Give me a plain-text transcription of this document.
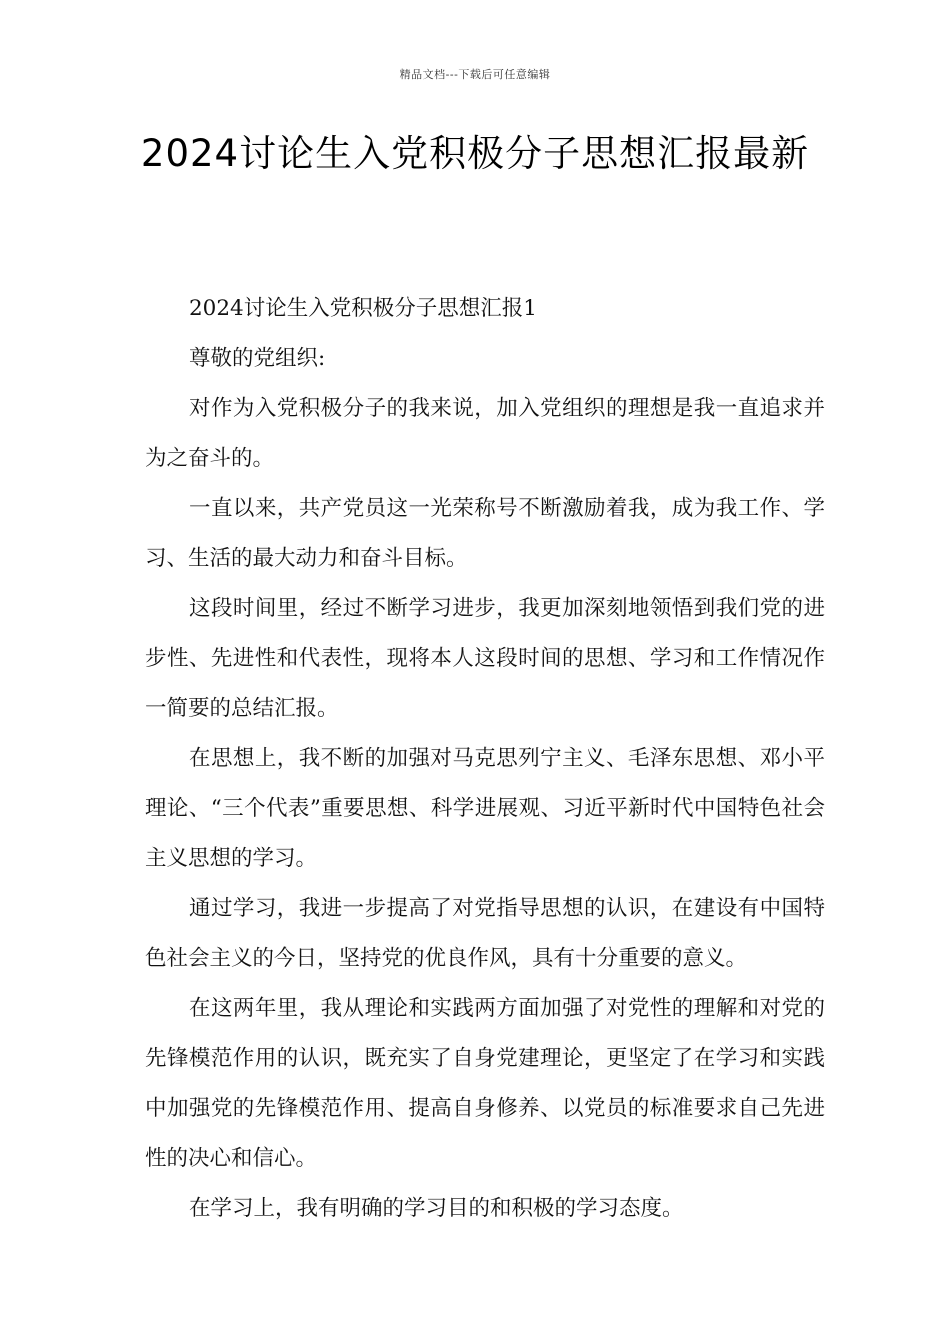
精品文档---下载后可任意编辑
2024讨论生入党积极分子思想汇报最新

2024讨论生入党积极分子思想汇报1

尊敬的党组织:

对作为入党积极分子的我来说，加入党组织的理想是我一直追求并为之奋斗的。

一直以来，共产党员这一光荣称号不断激励着我，成为我工作、学习、生活的最大动力和奋斗目标。

这段时间里，经过不断学习进步，我更加深刻地领悟到我们党的进步性、先进性和代表性，现将本人这段时间的思想、学习和工作情况作一简要的总结汇报。

在思想上，我不断的加强对马克思列宁主义、毛泽东思想、邓小平理论、“三个代表”重要思想、科学进展观、习近平新时代中国特色社会主义思想的学习。

通过学习，我进一步提高了对党指导思想的认识，在建设有中国特色社会主义的今日，坚持党的优良作风，具有十分重要的意义。

在这两年里，我从理论和实践两方面加强了对党性的理解和对党的先锋模范作用的认识，既充实了自身党建理论，更坚定了在学习和实践中加强党的先锋模范作用、提高自身修养、以党员的标准要求自己先进性的决心和信心。

在学习上，我有明确的学习目的和积极的学习态度。
